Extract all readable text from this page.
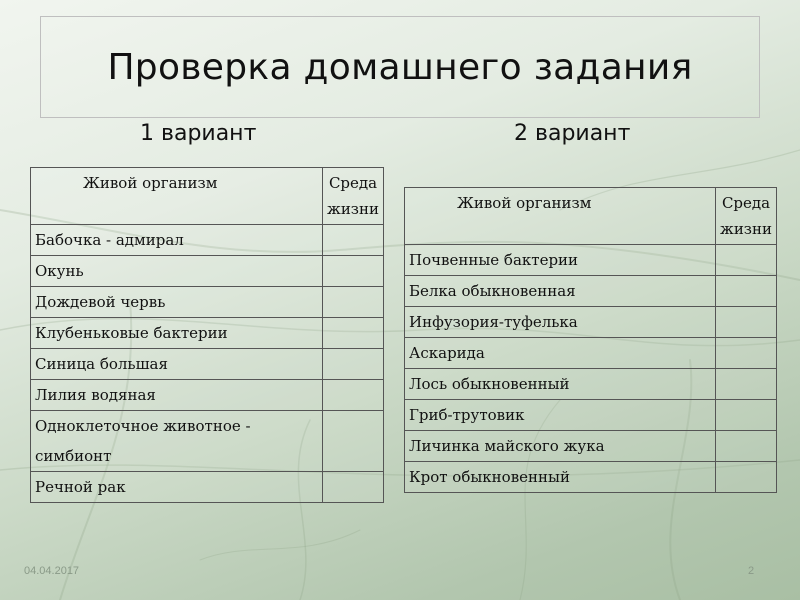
Проверка домашнего задания
1 вариант	2 вариант
Живой организм	Среда жизни
Бабочка - адмирал	
Окунь	
Дождевой червь	
Клубеньковые бактерии	
Синица большая	
Лилия водяная	
Одноклеточное животное - симбионт	
Речной рак	
Живой организм	Среда жизни
Почвенные бактерии	
Белка обыкновенная	
Инфузория-туфелька	
Аскарида	
Лось обыкновенный	
Гриб-трутовик	
Личинка майского жука	
Крот обыкновенный	
04.04.2017	2
